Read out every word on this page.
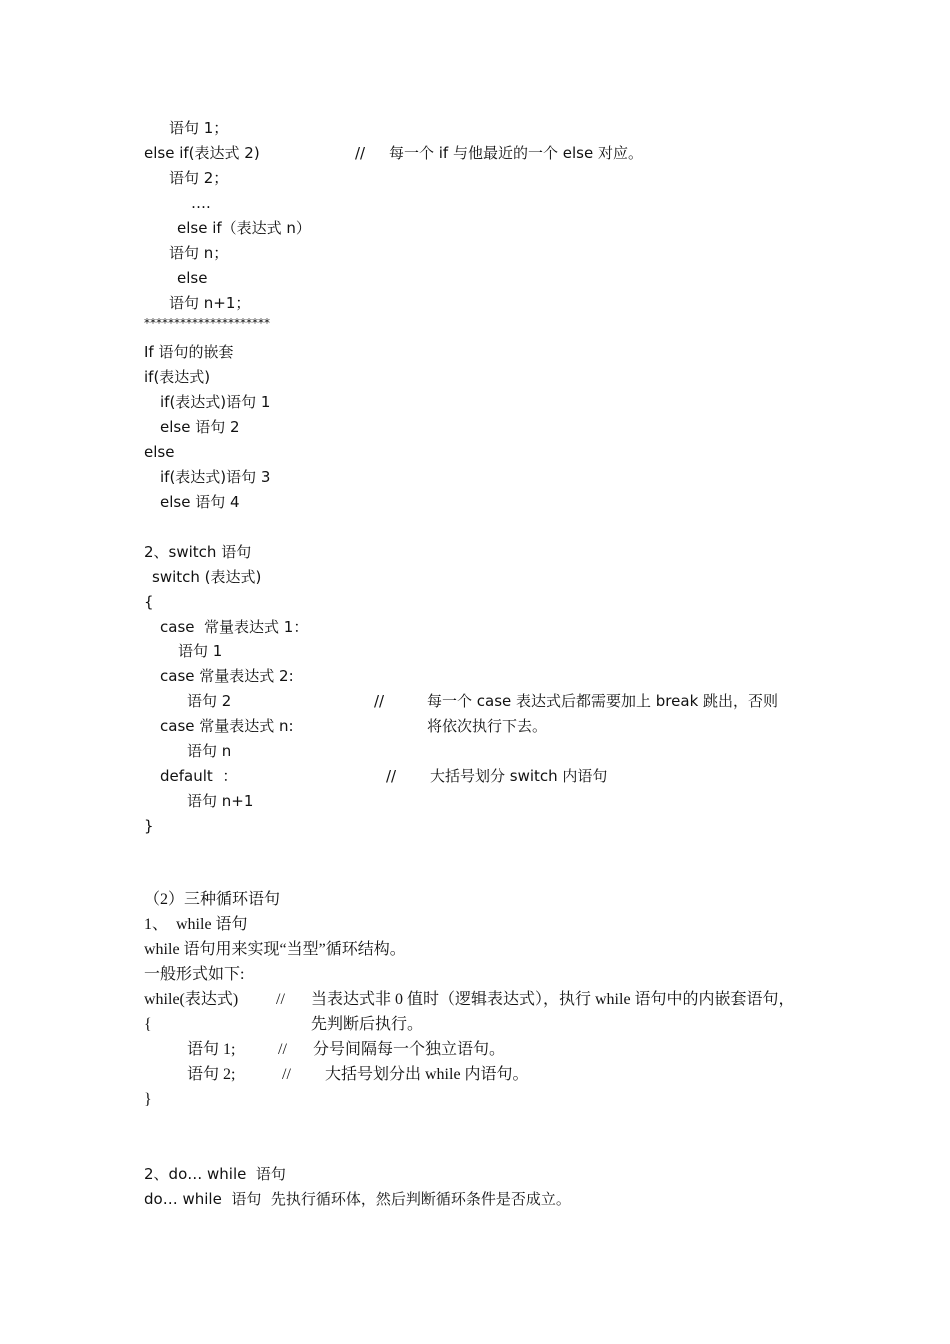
语句 1；

else if(表达式 2)	// 每一个 if 与他最近的一个 else 对应。

语句 2；

….

else if（表达式 n）

语句 n；

else

语句 n+1；

*********************

If 语句的嵌套

if(表达式)

if(表达式)语句 1

else 语句 2

else

if(表达式)语句 3

else 语句 4

2、switch 语句

switch (表达式)

{

case  常量表达式 1：

语句 1

case 常量表达式 2:

语句 2	//	每一个 case 表达式后都需要加上 break 跳出，否则

case 常量表达式 n:	将依次执行下去。

语句 n

default  ：	// 大括号划分 switch 内语句

语句 n+1

}

（2）三种循环语句

1、  while 语句

while 语句用来实现“当型”循环结构。

一般形式如下:

while(表达式) // 当表达式非 0 值时（逻辑表达式），执行 while 语句中的内嵌套语句，

{	先判断后执行。

语句 1;	// 分号间隔每一个独立语句。

语句 2;	// 大括号划分出 while 内语句。

}

2、do… while  语句

do… while  语句  先执行循环体，然后判断循环条件是否成立。
